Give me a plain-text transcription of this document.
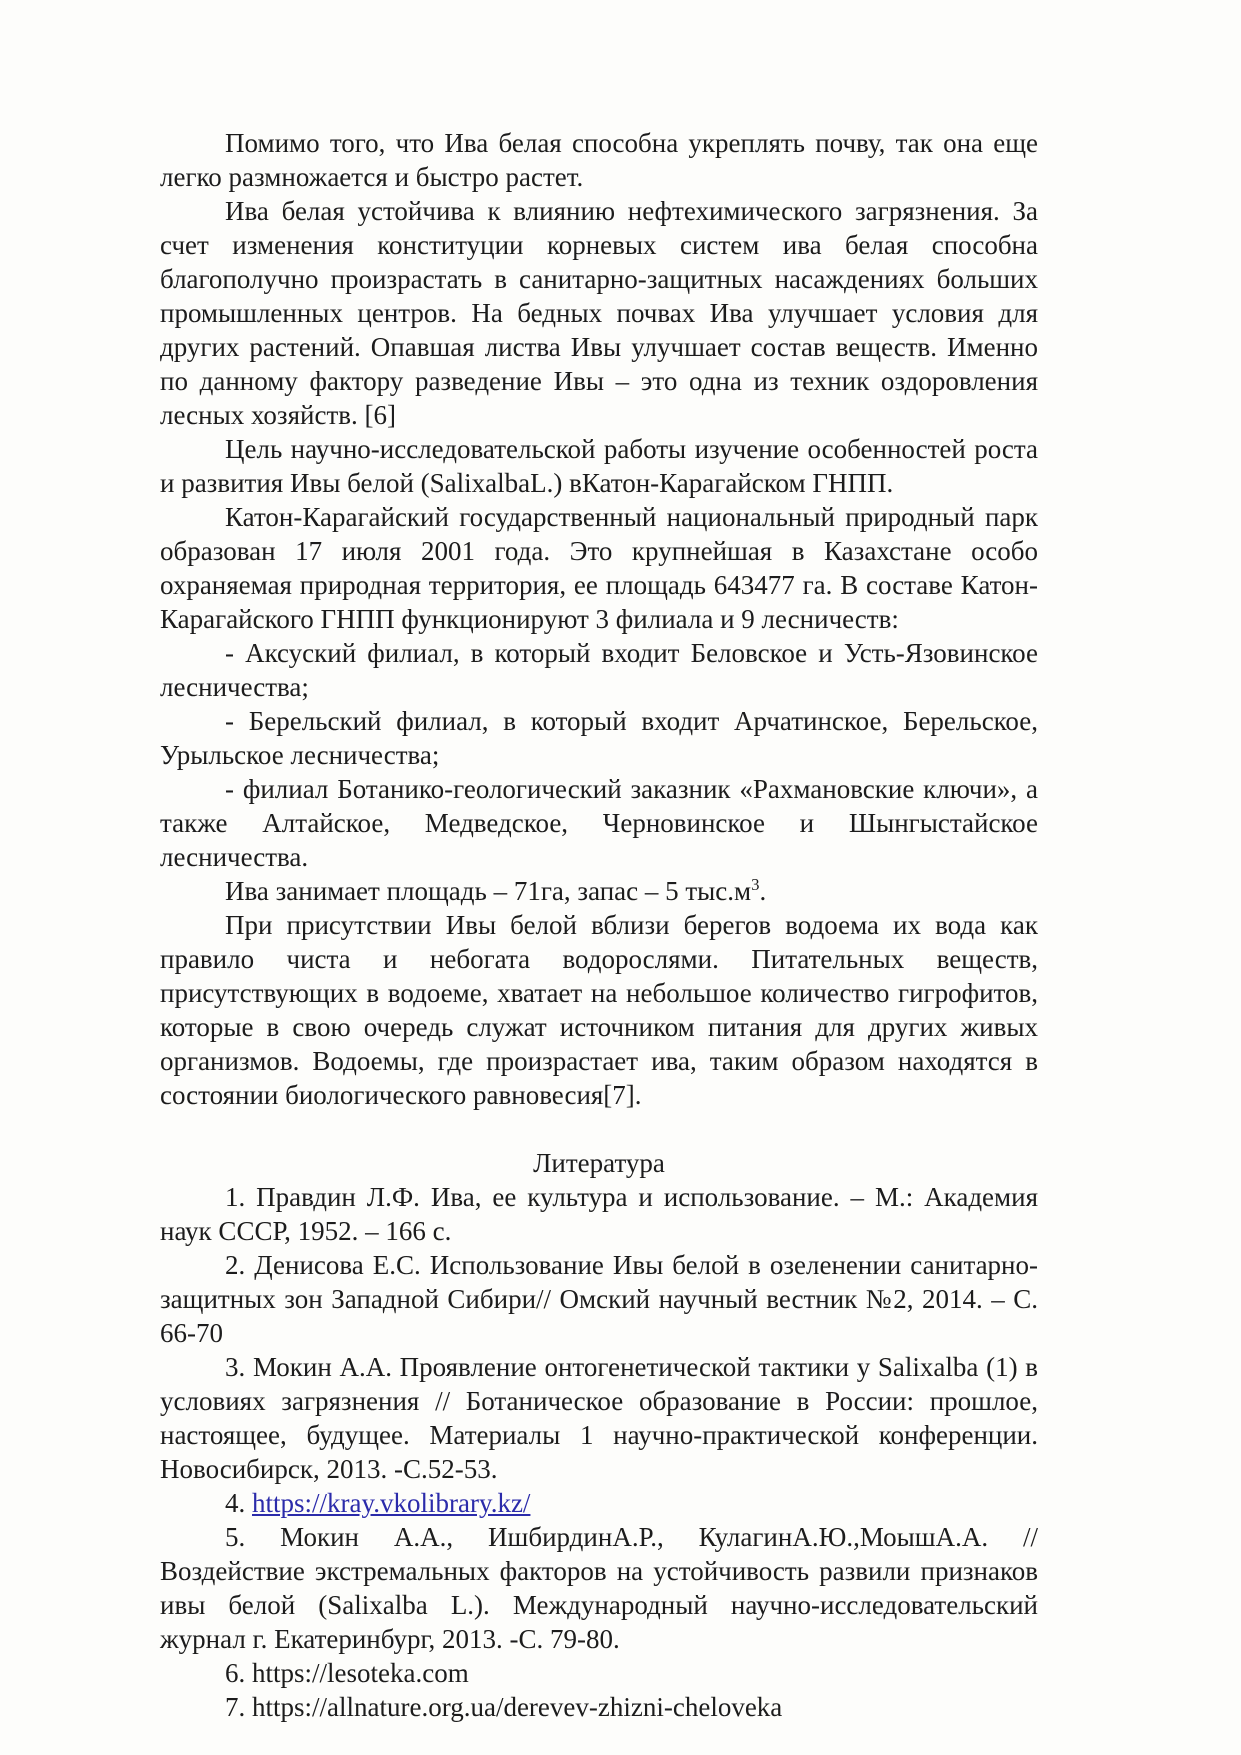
Помимо того, что Ива белая способна укреплять почву, так она еще легко размножается и быстро растет.

Ива белая устойчива к влиянию нефтехимического загрязнения. За счет изменения конституции корневых систем ива белая способна благополучно произрастать в санитарно-защитных насаждениях больших промышленных центров. На бедных почвах Ива улучшает условия для других растений. Опавшая листва Ивы улучшает состав веществ. Именно по данному фактору разведение Ивы – это одна из техник оздоровления лесных хозяйств. [6]

Цель научно-исследовательской работы изучение особенностей роста и развития Ивы белой (SalixalbaL.) вКатон-Карагайском ГНПП.

Катон-Карагайский государственный национальный природный парк образован 17 июля 2001 года. Это крупнейшая в Казахстане особо охраняемая природная территория, ее площадь 643477 га. В составе Катон-Карагайского ГНПП функционируют 3 филиала и 9 лесничеств:

- Аксуский филиал, в который входит Беловское и Усть-Язовинское лесничества;

- Берельский филиал, в который входит Арчатинское, Берельское, Урыльское лесничества;

- филиал Ботанико-геологический заказник «Рахмановские ключи», а также Алтайское, Медведское, Черновинское и Шынгыстайское лесничества.

Ива занимает площадь – 71га, запас – 5 $тыс.м^3$.

При присутствии Ивы белой вблизи берегов водоема их вода как правило чиста и небогата водорослями. Питательных веществ, присутствующих в водоеме, хватает на небольшое количество гигрофитов, которые в свою очередь служат источником питания для других живых организмов. Водоемы, где произрастает ива, таким образом находятся в состоянии биологического равновесия[7].

Литература

1. Правдин Л.Ф. Ива, ее культура и использование. – М.: Академия наук СССР, 1952. – 166 с.

2. Денисова Е.С. Использование Ивы белой в озеленении санитарно-защитных зон Западной Сибири// Омский научный вестник №2, 2014. – С. 66-70

3. Мокин А.А. Проявление онтогенетической тактики у Salixalba (1) в условиях загрязнения // Ботаническое образование в России: прошлое, настоящее, будущее. Материалы 1 научно-практической конференции. Новосибирск, 2013. -С.52-53.

4. https://kray.vkolibrary.kz/

5. Мокин А.А., ИшбирдинА.Р., КулагинА.Ю.,МоышА.А. // Воздействие экстремальных факторов на устойчивость развили признаков ивы белой (Salixalba L.). Международный научно-исследовательский журнал г. Екатеринбург, 2013. -С. 79-80.

6. https://lesoteka.com

7. https://allnature.org.ua/derevev-zhizni-cheloveka
